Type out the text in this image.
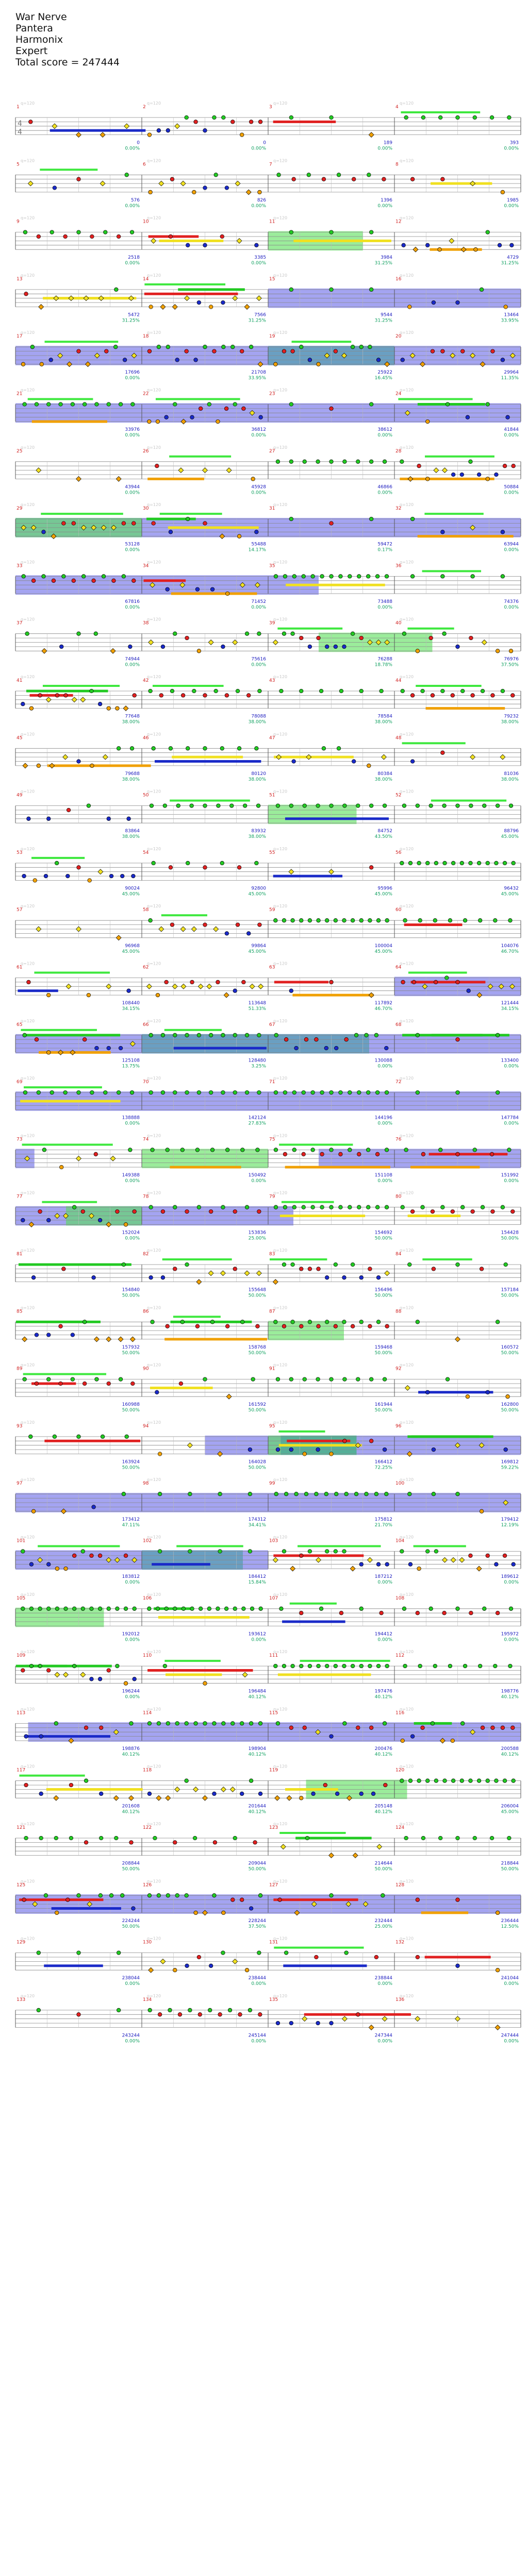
War Nerve
Pantera
Harmonix
Expert
Total score = 247444
4
4
1
q=120
0
0.00%
2
q=120
0
0.00%
3
q=120
189
0.00%
4
q=120
393
0.00%
5
q=120
576
0.00%
6
q=120
826
0.00%
7
q=120
1396
0.00%
8
q=120
1985
0.00%
9
q=120
2518
0.00%
10
q=120
3385
0.00%
11
q=120
3984
31.25%
12
q=120
4729
31.25%
13
q=120
5472
31.25%
14
q=120
7566
31.25%
15
q=120
9544
31.25%
16
q=120
13464
33.95%
17
q=120
17696
0.00%
18
q=120
21708
33.95%
19
q=120
25922
16.45%
20
q=120
29964
11.35%
21
q=120
33976
0.00%
22
q=120
36812
0.00%
23
q=120
38612
0.00%
24
q=120
41844
0.00%
25
q=120
43944
0.00%
26
q=120
45928
0.00%
27
q=120
46866
0.00%
28
q=120
50884
0.00%
29
q=120
53128
0.00%
30
q=120
55488
14.17%
31
q=120
59472
0.17%
32
q=120
63944
0.00%
33
q=120
67816
0.00%
34
q=120
71452
0.00%
35
q=120
73488
0.00%
36
q=120
74376
0.00%
37
q=120
74944
0.00%
38
q=120
75616
0.00%
39
q=120
76288
18.78%
40
q=120
76976
37.50%
41
q=120
77648
38.00%
42
q=120
78088
38.00%
43
q=120
78584
38.00%
44
q=120
79232
38.00%
45
q=120
79688
38.00%
46
q=120
80120
38.00%
47
q=120
80384
38.00%
48
q=120
81036
38.00%
49
q=120
83864
38.00%
50
q=120
83932
38.00%
51
q=120
84752
43.50%
52
q=120
88796
45.00%
53
q=120
90024
45.00%
54
q=120
92800
45.00%
55
q=120
95996
45.00%
56
q=120
96432
45.00%
57
q=120
96968
45.00%
58
q=120
99864
45.00%
59
q=120
100004
45.00%
60
q=120
104076
46.70%
61
q=120
108440
34.15%
62
q=120
113648
51.33%
63
q=120
117892
46.70%
64
q=120
121444
34.15%
65
q=120
125108
13.75%
66
q=120
128480
3.25%
67
q=120
130088
0.00%
68
q=120
133400
0.00%
69
q=120
138888
0.00%
70
q=120
142124
27.83%
71
q=120
144196
0.00%
72
q=120
147784
0.00%
73
q=120
149388
0.00%
74
q=120
150492
0.00%
75
q=120
151108
0.00%
76
q=120
151992
0.00%
77
q=120
152024
0.00%
78
q=120
153836
25.00%
79
q=120
154692
50.00%
80
q=120
154428
50.00%
81
q=120
154840
50.00%
82
q=120
155648
50.00%
83
q=120
156496
50.00%
84
q=120
157184
50.00%
85
q=120
157932
50.00%
86
q=120
158768
50.00%
87
q=120
159468
50.00%
88
q=120
160572
50.00%
89
q=120
160988
50.00%
90
q=120
161592
50.00%
91
q=120
161944
50.00%
92
q=120
162800
50.00%
93
q=120
163924
50.00%
94
q=120
164028
50.00%
95
q=120
166412
72.25%
96
q=120
169812
59.22%
97
q=120
173412
47.11%
98
q=120
174312
34.41%
99
q=120
175812
21.70%
100
q=120
179412
12.19%
101
q=120
183812
0.00%
102
q=120
184412
15.84%
103
q=120
187212
0.00%
104
q=120
189612
0.00%
105
q=120
192012
0.00%
106
q=120
193612
0.00%
107
q=120
194412
0.00%
108
q=120
195972
0.00%
109
q=120
196244
0.00%
110
q=120
196484
40.12%
111
q=120
197476
40.12%
112
q=120
198776
40.12%
113
q=120
198876
40.12%
114
q=120
198904
40.12%
115
q=120
200476
40.12%
116
q=120
200588
40.12%
117
q=120
201608
40.12%
118
q=120
201644
40.12%
119
q=120
205148
40.12%
120
q=120
206004
45.00%
121
q=120
208844
50.00%
122
q=120
209044
50.00%
123
q=120
214644
50.00%
124
q=120
218844
50.00%
125
q=120
224244
50.00%
126
q=120
228244
37.50%
127
q=120
232444
25.00%
128
q=120
236444
12.50%
129
q=120
238044
0.00%
130
q=120
238444
0.00%
131
q=120
238844
0.00%
132
q=120
241044
0.00%
133
q=120
243244
0.00%
134
q=120
245144
0.00%
135
q=120
247344
0.00%
136
q=120
247444
0.00%
